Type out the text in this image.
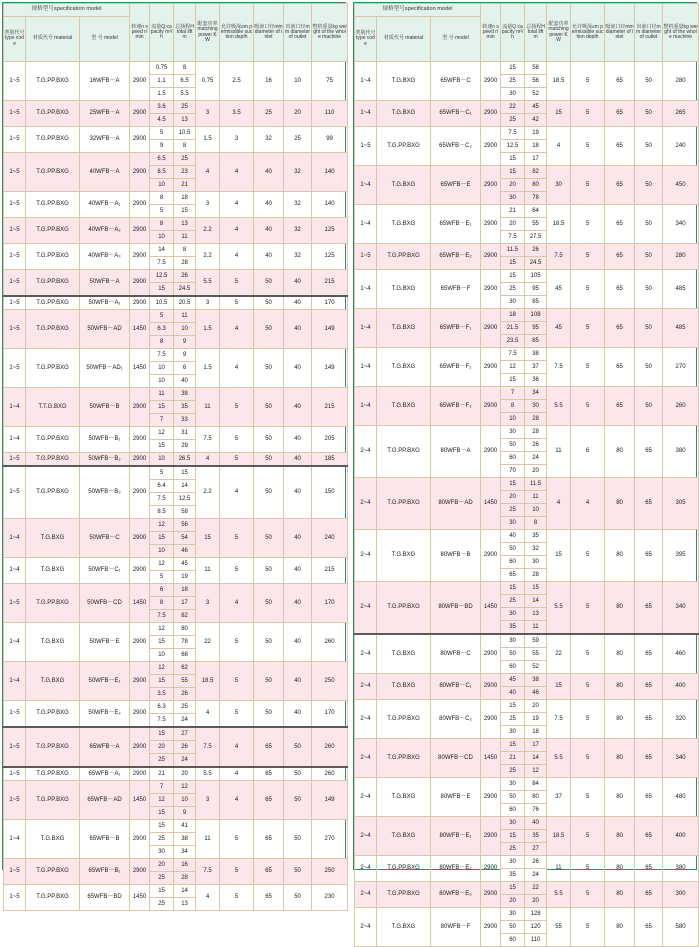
规格型号specification model			转速n speed r/min	流量Q capacity m³/h	总扬程H total lift m	配套功率 matching power KW	允许吸深≤m permissible suction depth	吸液口径mm diameter of inlet	出液口径mm diameter of outlet	整机重量kg weight of the whole machine
类别代号type code	材质代号 material	型 号 model								
1~5	T.G.PP.BXG	16WFB－A	2900	0.75	8	0.75	2.5	16	10	75
				1.1	6.5					
				1.5	5.5					
1~5	T.G.PP.BXG	25WFB－A	2900	3.6	25	3	3.5	25	20	110
				4.5	13					
1~5	T.G.PP.BXG	32WFB－A	2900	5	10.5	1.5	3	32	25	99
				9	8					
1~5	T.G.PP.BXG	40WFB－A	2900	6.5	25	4	4	40	32	140
				8.5	23					
				10	21					
1~5	T.G.PP.BXG	40WFB－A₁	2900	8	18	3	4	40	32	140
				5	15					
1~5	T.G.PP.BXG	40WFB－A₂	2900	8	13	2.2	4	40	32	125
				10	11					
1~5	T.G.PP.BXG	40WFB－A₃	2900	14	8	2.2	4	40	32	125
				7.5	28					
1~5	T.G.PP.BXG	50WFB－A	2900	12.5	26	5.5	5	50	40	215
				15	24.5					
1~5	T.G.PP.BXG	50WFB－A₁	2900	10.5	20.5	3	5	50	40	170
1~5	T.G.PP.BXG	50WFB－AD	1450	5	11	1.5	4	50	40	149
				6.3	10					
				8	9					
1~5	T.G.PP.BXG	50WFB－AD₁	1450	7.5	9	1.5	4	50	40	149
				10	6					
				10	40					
1~4	T.T.G.BXG	50WFB－B	2900	11	38	11	5	50	40	215
				15	35					
				7	33					
1~4	T.G.PP.BXG	50WFB－B₁	2900	12	31	7.5	5	50	40	205
				15	29					
1~5	T.G.PP.BXG	50WFB－B₂	2900	10	26.5	4	5	50	40	185
1~5	T.G.PP.BXG	50WFB－B₃	2900	5	15	2.2	4	50	40	150
				6.4	14					
				7.5	12.5					
				8.5	58					
1~4	T.G.BXG	50WFB－C	2900	12	56	15	5	50	40	240
				15	54					
				10	46					
1~4	T.G.BXG	50WFB－C₁	2900	12	45	11	5	50	40	215
				5	19					
1~5	T.G.PP.BXG	50WFB－CD	1450	6	18	3	4	50	40	170
				8	17					
				7.5	82					
1~4	T.G.BXG	50WFB－E	2900	12	80	22	5	50	40	260
				15	78					
				10	68					
1~4	T.G.BXG	50WFB－E₁	2900	12	62	18.5	5	50	40	250
				15	55					
				3.5	26					
1~5	T.G.PP.BXG	50WFB－E₂	2900	6.3	25	4	5	50	40	170
				7.5	24					
1~5	T.G.PP.BXG	65WFB－A	2900	15	27	7.5	4	65	50	260
				20	26					
				25	24					
1~5	T.G.PP.BXG	65WFB－A₁	2900	21	20	5.5	4	65	50	260
1~5	T.G.PP.BXG	65WFB－AD	1450	7	12	3	4	65	50	149
				12	10					
				15	9					
1~4	T.G.BXG	65WFB－B	2900	15	41	11	5	65	50	270
				25	38					
				30	34					
1~5	T.G.PP.BXG	65WFB－B₁	2900	20	16	7.5	5	65	50	250
				25	28					
1~5	T.G.PP.BXG	65WFB－BD	1450	15	14	4	5	65	50	230
				25	13					
规格型号specification model			转速n speed r/min	流量Q capacity m³/h	总扬程H total lift m	配套功率 matching power KW	允许吸深≤m permissible suction depth	吸液口径mm diameter of inlet	出液口径mm diameter of outlet	整机重量kg weight of the whole machine
类别代号type code	材质代号 material	型 号 model								
1~4	T.G.BXG	65WFB－C	2900	15	58	18.5	5	65	50	280
				25	56					
				30	52					
1~4	T.G.BXG	65WFB－C₁	2900	22	45	15	5	65	50	265
				25	42					
1~5	T.G.PP.BXG	65WFB－C₂	2900	7.5	19	4	5	65	50	240
				12.5	18					
				15	17					
1~4	T.G.BXG	65WFB－E	2900	15	82	30	5	65	50	450
				20	80					
				30	78					
1~4	T.G.BXG	65WFB－E₁	2900	21	64	18.5	5	65	50	340
				20	55					
				7.5	27.5					
1~5	T.G.PP.BXG	65WFB－E₂	2900	11.5	26	7.5	5	65	50	280
				15	24.5					
1~4	T.G.BXG	65WFB－F	2900	15	105	45	5	65	50	485
				25	95					
				30	85					
1~4	T.G.BXG	65WFB－F₁	2900	18	108	45	5	65	50	485
				21.5	95					
				23.5	85					
1~4	T.G.BXG	65WFB－F₂	2900	7.5	38	7.5	5	65	50	270
				12	37					
				15	36					
1~4	T.G.BXG	65WFB－F₃	2900	7	34	5.5	5	65	50	260
				8	30					
				10	28					
2~4	T.G.PP.BXG	80WFB－A	2900	30	28	11	6	80	65	380
				50	26					
				60	24					
				70	20					
2~4	T.G.PP.BXG	80WFB－AD	1450	15	11.5	4	4	80	65	305
				20	11					
				25	10					
				30	8					
2~4	T.G.BXG	80WFB－B	2900	40	35	15	5	80	65	395
				50	32					
				60	30					
				65	28					
2~4	T.G.PP.BXG	80WFB－BD	1450	15	15	5.5	5	80	65	340
				25	14					
				30	13					
				35	11					
2~4	T.G.BXG	80WFB－C	2900	30	59	22	5	80	65	460
				50	55					
				60	52					
2~4	T.G.BXG	80WFB－C₁	2900	45	38	15	5	80	65	400
				40	46					
2~4	T.G.PP.BXG	80WFB－C₂	2900	15	20	7.5	5	80	65	320
				25	19					
				30	18					
2~4	T.G.PP.BXG	80WFB－CD	1450	15	17	5.5	5	80	65	340
				21	14					
				25	12					
2~4	T.G.BXG	80WFB－E	2900	30	84	37	5	80	65	480
				50	80					
				60	76					
2~4	T.G.BXG	80WFB－E₁	2900	30	40	18.5	5	80	65	400
				15	35					
				25	27					
2~4	T.G.PP.BXG	80WFB－E₂	2900	30	26	11	5	80	65	380
				35	24					
2~4	T.G.PP.BXG	80WFB－E₃	2900	15	22	5.5	5	80	65	300
				20	20					
2~4	T.G.BXG	80WFB－F	2900	30	128	55	5	80	65	580
				50	120					
				60	110					
